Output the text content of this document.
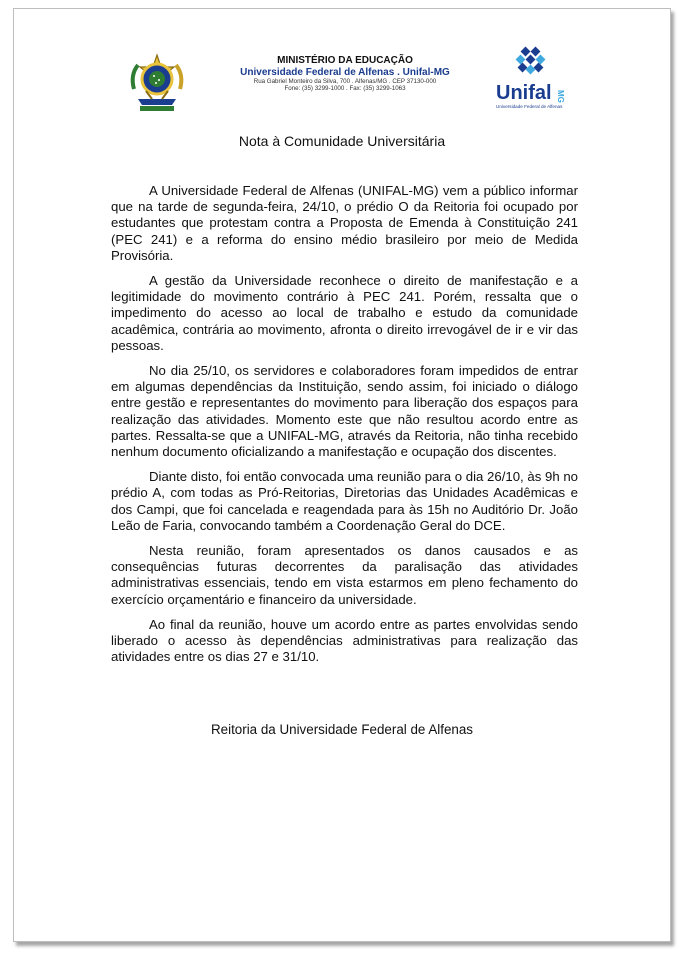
MINISTÉRIO DA EDUCAÇÃO
Universidade Federal de Alfenas . Unifal-MG
Rua Gabriel Monteiro da Silva, 700 . Alfenas/MG . CEP 37130-000
Fone: (35) 3299-1000 . Fax: (35) 3299-1063	Unifal MG
Universidade Federal de Alfenas
Nota à Comunidade Universitária

A Universidade Federal de Alfenas (UNIFAL-MG) vem a público informar que na tarde de segunda-feira, 24/10, o prédio O da Reitoria foi ocupado por estudantes que protestam contra a Proposta de Emenda à Constituição 241 (PEC 241) e a reforma do ensino médio brasileiro por meio de Medida Provisória.

A gestão da Universidade reconhece o direito de manifestação e a legitimidade do movimento contrário à PEC 241. Porém, ressalta que o impedimento do acesso ao local de trabalho e estudo da comunidade acadêmica, contrária ao movimento, afronta o direito irrevogável de ir e vir das pessoas.

No dia 25/10, os servidores e colaboradores foram impedidos de entrar em algumas dependências da Instituição, sendo assim, foi iniciado o diálogo entre gestão e representantes do movimento para liberação dos espaços para realização das atividades. Momento este que não resultou acordo entre as partes. Ressalta-se que a UNIFAL-MG, através da Reitoria, não tinha recebido nenhum documento oficializando a manifestação e ocupação dos discentes.

Diante disto, foi então convocada uma reunião para o dia 26/10, às 9h no prédio A, com todas as Pró-Reitorias, Diretorias das Unidades Acadêmicas e dos Campi, que foi cancelada e reagendada para às 15h no Auditório Dr. João Leão de Faria, convocando também a Coordenação Geral do DCE.

Nesta reunião, foram apresentados os danos causados e as consequências futuras decorrentes da paralisação das atividades administrativas essenciais, tendo em vista estarmos em pleno fechamento do exercício orçamentário e financeiro da universidade.

Ao final da reunião, houve um acordo entre as partes envolvidas sendo liberado o acesso às dependências administrativas para realização das atividades entre os dias 27 e 31/10.

Reitoria da Universidade Federal de Alfenas
